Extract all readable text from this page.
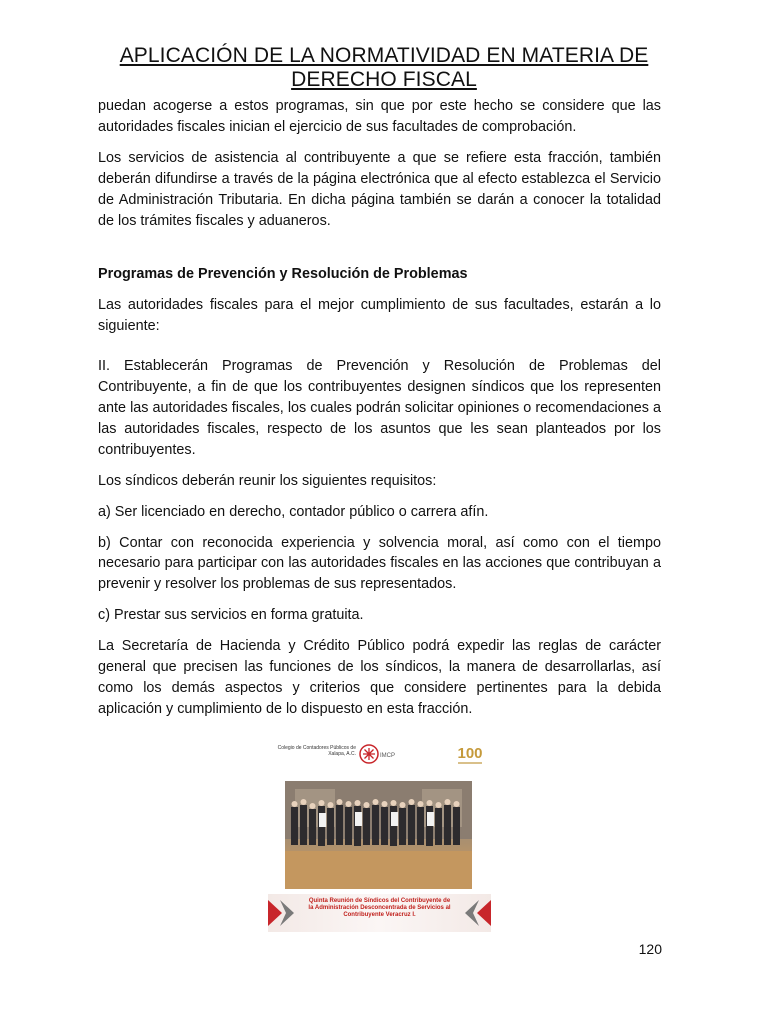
APLICACIÓN DE LA NORMATIVIDAD EN MATERIA DE
DERECHO FISCAL

puedan acogerse a estos programas, sin que por este hecho se considere que las autoridades fiscales inician el ejercicio de sus facultades de comprobación.

Los servicios de asistencia al contribuyente a que se refiere esta fracción, también deberán difundirse a través de la página electrónica que al efecto establezca el Servicio de Administración Tributaria. En dicha página también se darán a conocer la totalidad de los trámites fiscales y aduaneros.

Programas de Prevención y Resolución de Problemas

Las autoridades fiscales para el mejor cumplimiento de sus facultades, estarán a lo siguiente:

II. Establecerán Programas de Prevención y Resolución de Problemas del Contribuyente, a fin de que los contribuyentes designen síndicos que los representen ante las autoridades fiscales, los cuales podrán solicitar opiniones o recomendaciones a las autoridades fiscales, respecto de los asuntos que les sean planteados por los contribuyentes.

Los síndicos deberán reunir los siguientes requisitos:

a) Ser licenciado en derecho, contador público o carrera afín.

b) Contar con reconocida experiencia y solvencia moral, así como con el tiempo necesario para participar con las autoridades fiscales en las acciones que contribuyan a prevenir y resolver los problemas de sus representados.

c) Prestar sus servicios en forma gratuita.

La Secretaría de Hacienda y Crédito Público podrá expedir las reglas de carácter general que precisen las funciones de los síndicos, la manera de desarrollarlas, así como los demás aspectos y criterios que considere pertinentes para la debida aplicación y cumplimiento de lo dispuesto en esta fracción.

Colegio de Contadores Públicos de Xalapa, A.C.	IMCP	100
Quinta Reunión de Síndicos del Contribuyente de
la Administración Desconcentrada de Servicios al
Contribuyente Veracruz I.
120
